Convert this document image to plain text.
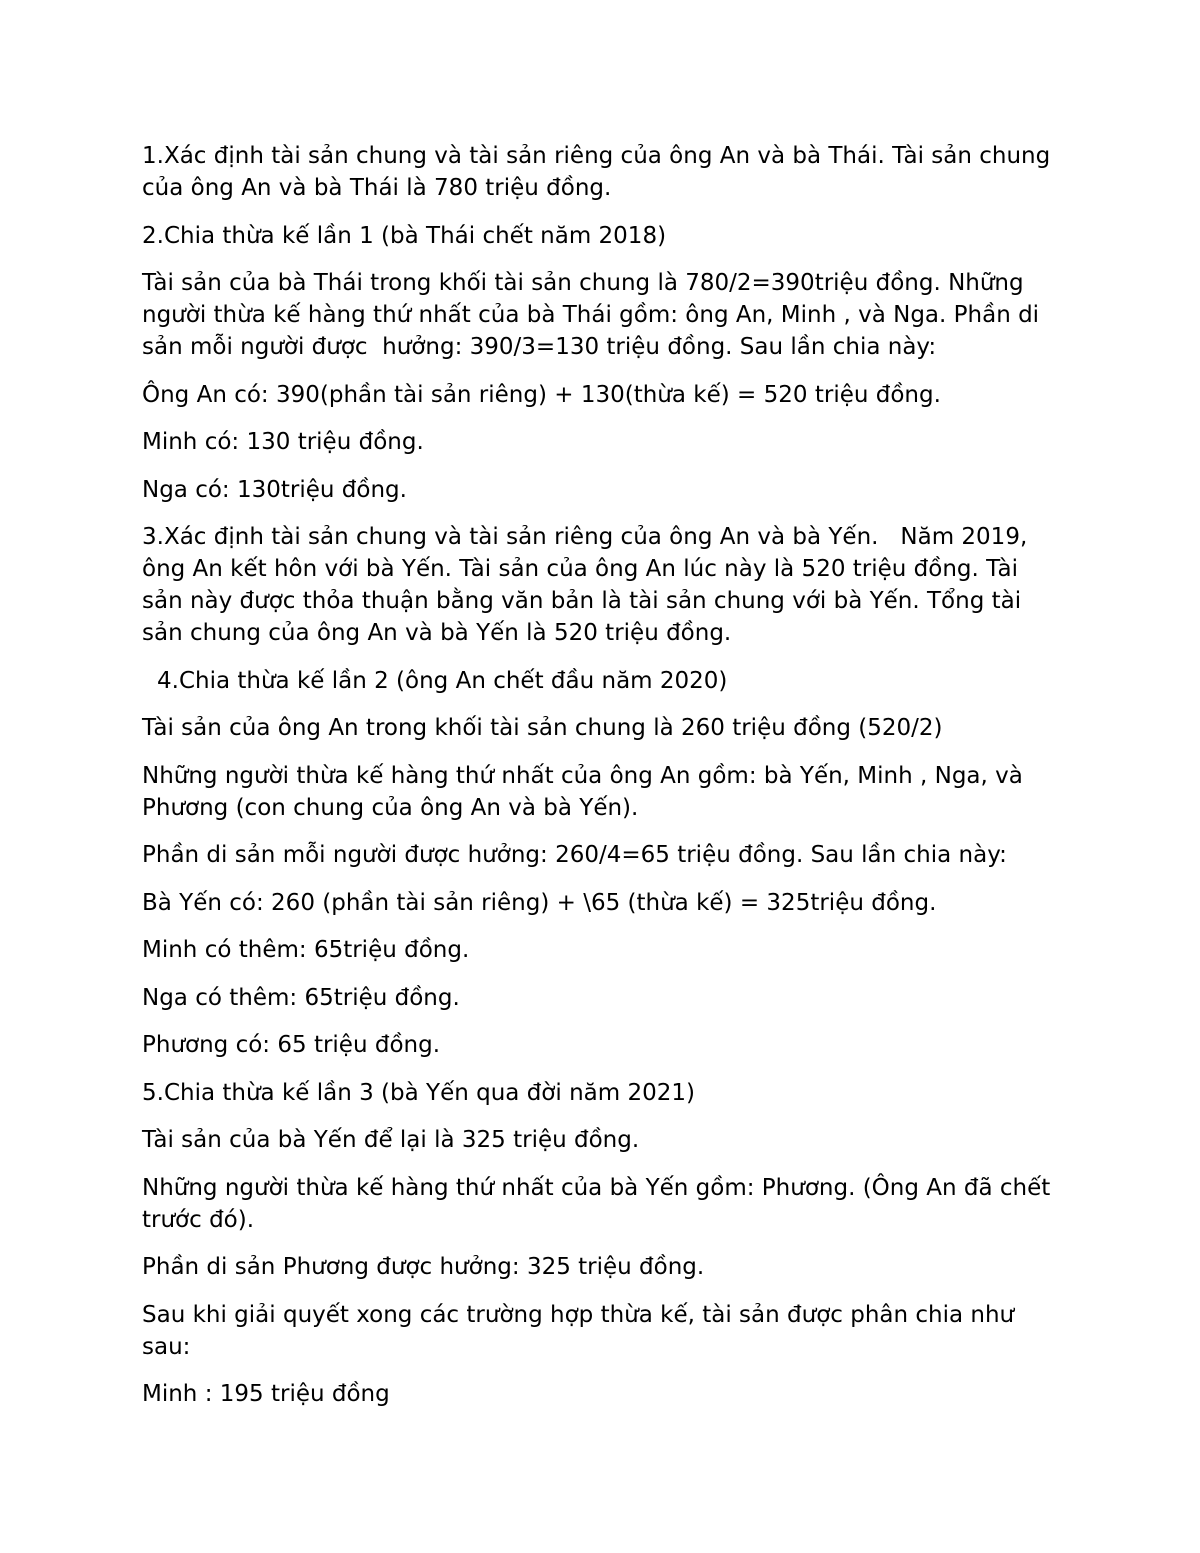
1.Xác định tài sản chung và tài sản riêng của ông An và bà Thái. Tài sản chung của ông An và bà Thái là 780 triệu đồng.

2.Chia thừa kế lần 1 (bà Thái chết năm 2018)

Tài sản của bà Thái trong khối tài sản chung là 780/2=390triệu đồng. Những người thừa kế hàng thứ nhất của bà Thái gồm: ông An, Minh , và Nga. Phần di sản mỗi người được  hưởng: 390/3=130 triệu đồng. Sau lần chia này:

Ông An có: 390(phần tài sản riêng) + 130(thừa kế) = 520 triệu đồng.

Minh có: 130 triệu đồng.

Nga có: 130triệu đồng.

3.Xác định tài sản chung và tài sản riêng của ông An và bà Yến.   Năm 2019, ông An kết hôn với bà Yến. Tài sản của ông An lúc này là 520 triệu đồng. Tài sản này được thỏa thuận bằng văn bản là tài sản chung với bà Yến. Tổng tài sản chung của ông An và bà Yến là 520 triệu đồng.

4.Chia thừa kế lần 2 (ông An chết đầu năm 2020)

Tài sản của ông An trong khối tài sản chung là 260 triệu đồng (520/2)

Những người thừa kế hàng thứ nhất của ông An gồm: bà Yến, Minh , Nga, và Phương (con chung của ông An và bà Yến).

Phần di sản mỗi người được hưởng: 260/4=65 triệu đồng. Sau lần chia này:

Bà Yến có: 260 (phần tài sản riêng) + \65 (thừa kế) = 325triệu đồng.

Minh có thêm: 65triệu đồng.

Nga có thêm: 65triệu đồng.

Phương có: 65 triệu đồng.

5.Chia thừa kế lần 3 (bà Yến qua đời năm 2021)

Tài sản của bà Yến để lại là 325 triệu đồng.

Những người thừa kế hàng thứ nhất của bà Yến gồm: Phương. (Ông An đã chết trước đó).

Phần di sản Phương được hưởng: 325 triệu đồng.

Sau khi giải quyết xong các trường hợp thừa kế, tài sản được phân chia như sau:

Minh : 195 triệu đồng
